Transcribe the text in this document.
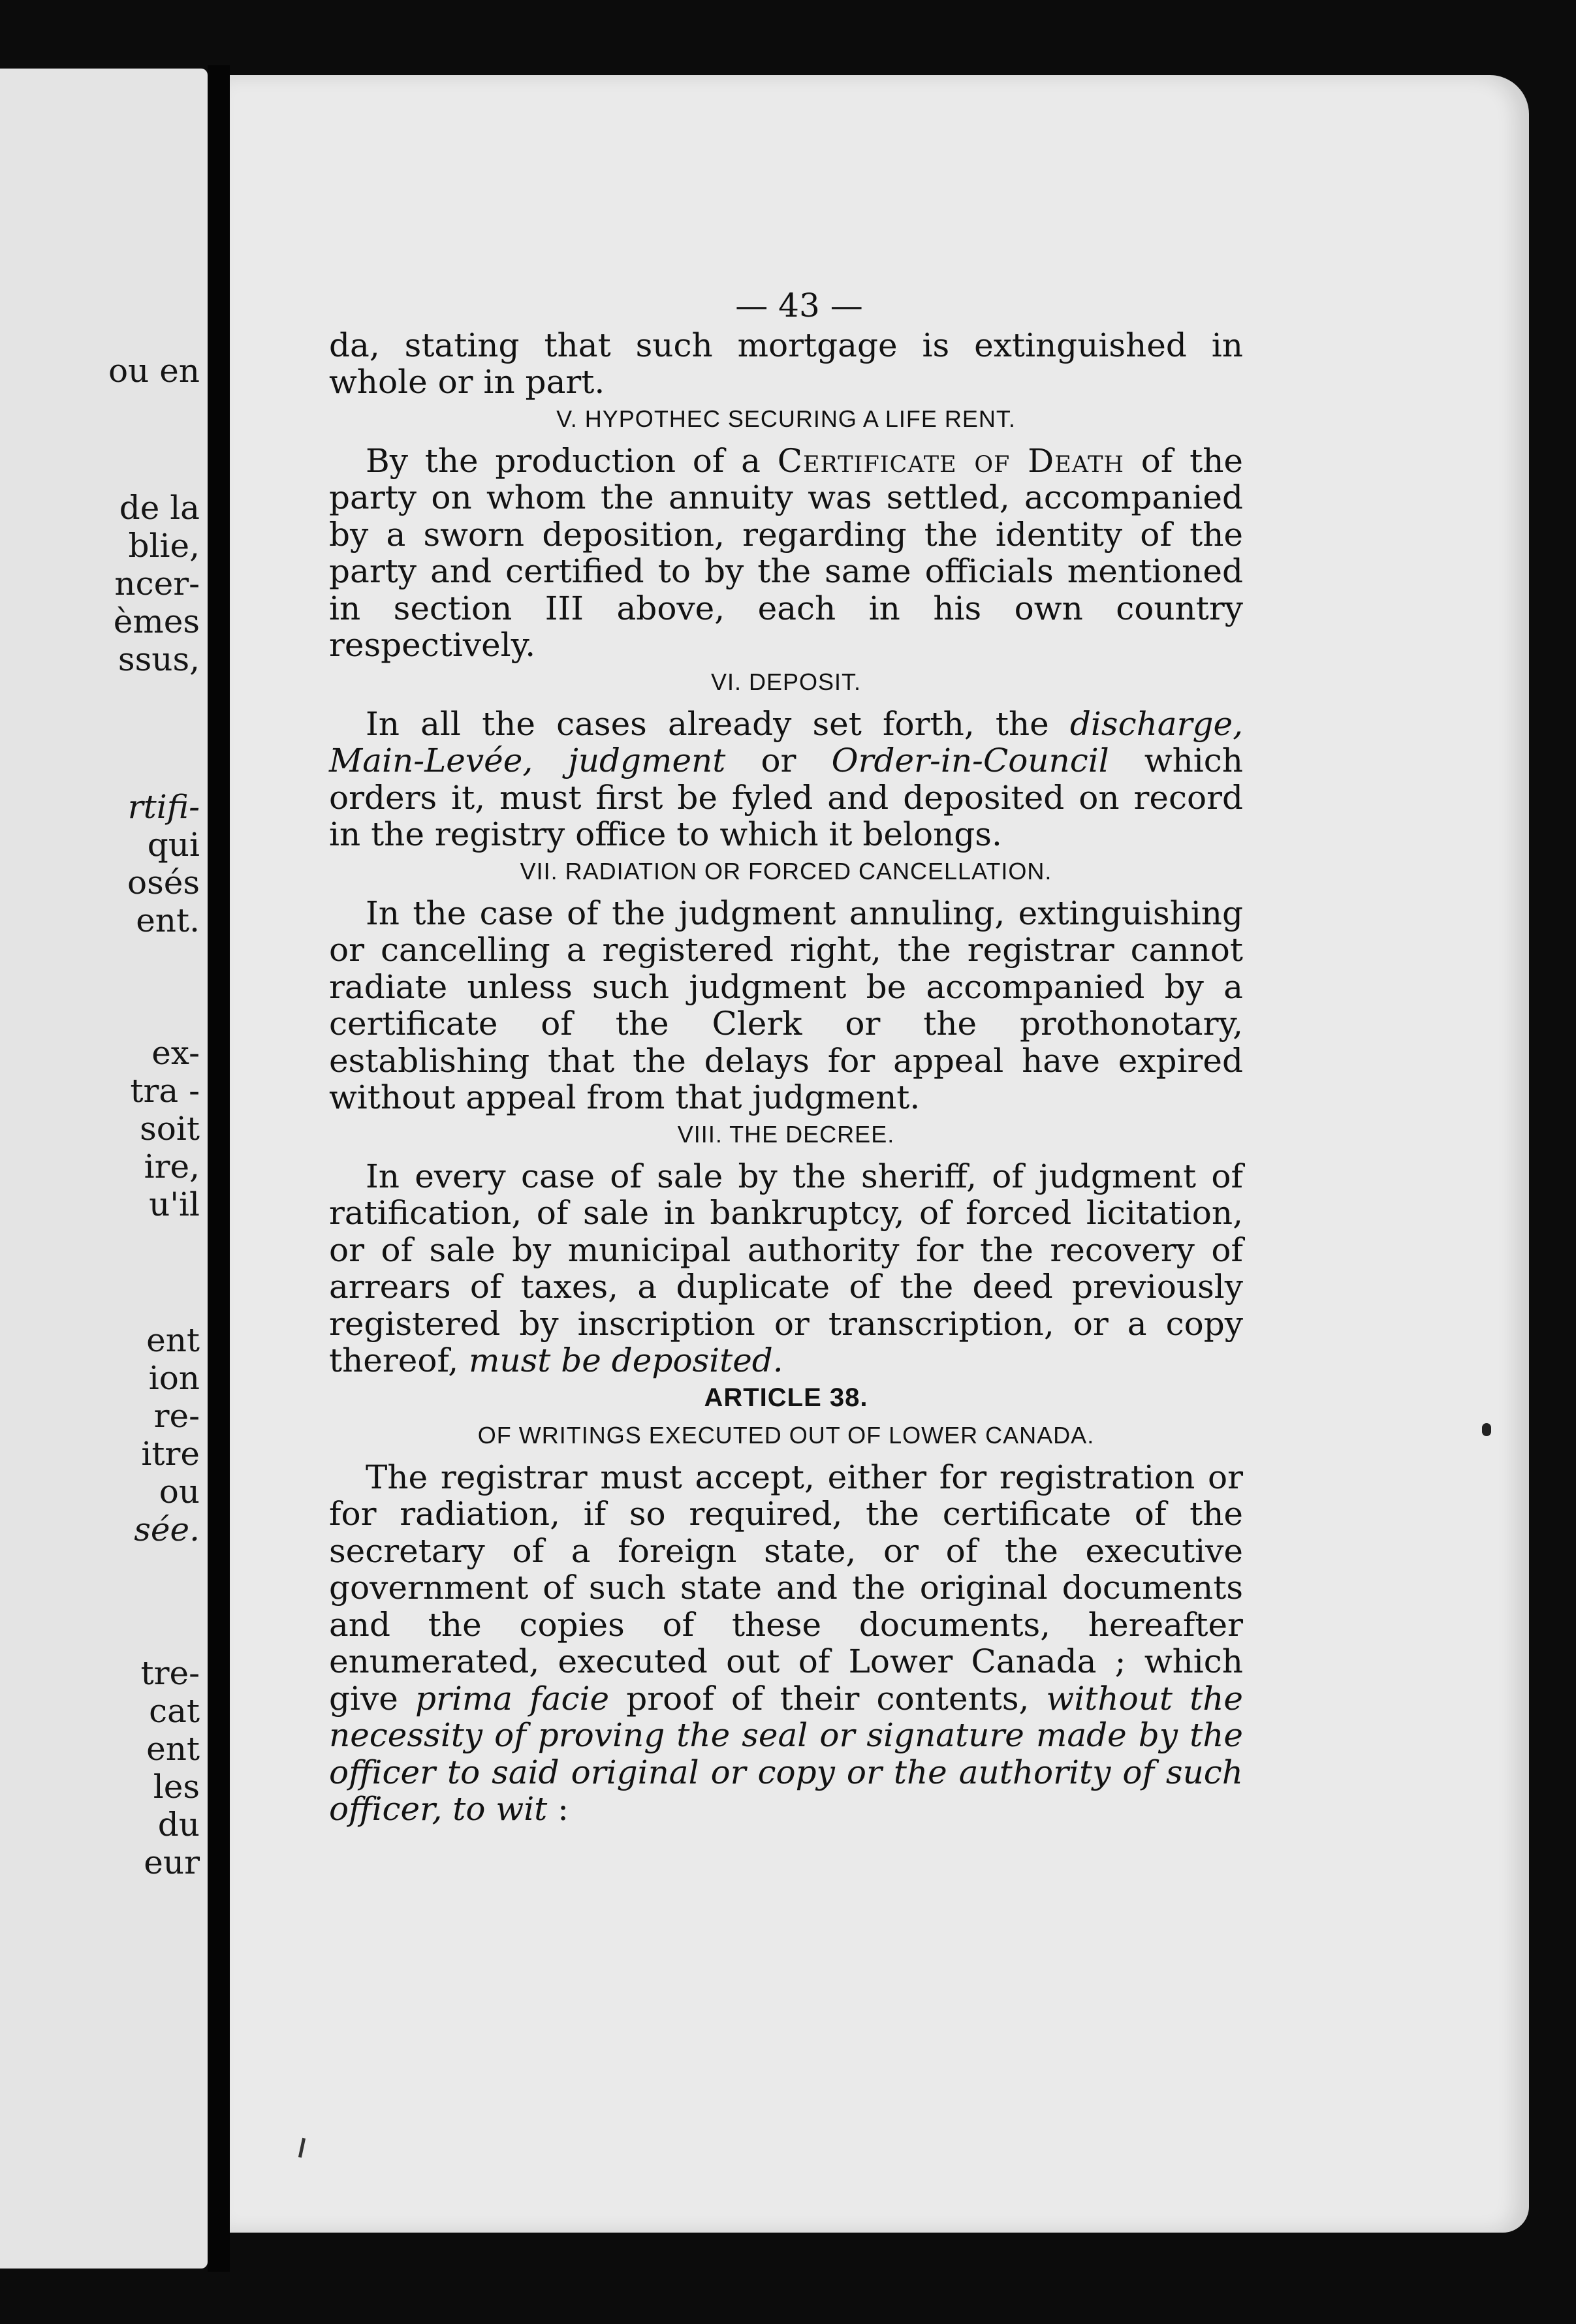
ou en
de la
blie,
ncer-
èmes
ssus,
rtifi-
qui
osés
ent.
ex-
tra -
soit
ire,
u'il
ent
ion
re-
itre
ou
sée.
tre-
cat
ent
les
du
eur
— 43 —

da, stating that such mortgage is extinguished in whole or in part.

V. HYPOTHEC SECURING A LIFE RENT.

By the production of a Certificate of Death of the party on whom the annuity was settled, accompanied by a sworn deposition, regarding the identity of the party and certified to by the same officials mentioned in section III above, each in his own country respectively.

VI. DEPOSIT.

In all the cases already set forth, the discharge, Main-Levée, judgment or Order-in-Council which orders it, must first be fyled and deposited on record in the registry office to which it belongs.

VII. RADIATION OR FORCED CANCELLATION.

In the case of the judgment annuling, extinguishing or cancelling a registered right, the registrar cannot radiate unless such judgment be accompanied by a certificate of the Clerk or the prothonotary, establishing that the delays for appeal have expired without appeal from that judgment.

VIII. THE DECREE.

In every case of sale by the sheriff, of judgment of ratification, of sale in bankruptcy, of forced licitation, or of sale by municipal authority for the recovery of arrears of taxes, a duplicate of the deed previously registered by inscription or transcription, or a copy thereof, must be deposited.

ARTICLE 38.
OF WRITINGS EXECUTED OUT OF LOWER CANADA.

The registrar must accept, either for registration or for radiation, if so required, the certificate of the secretary of a foreign state, or of the executive government of such state and the original documents and the copies of these documents, hereafter enumerated, executed out of Lower Canada ; which give prima facie proof of their contents, without the necessity of proving the seal or signature made by the officer to said original or copy or the authority of such officer, to wit :
